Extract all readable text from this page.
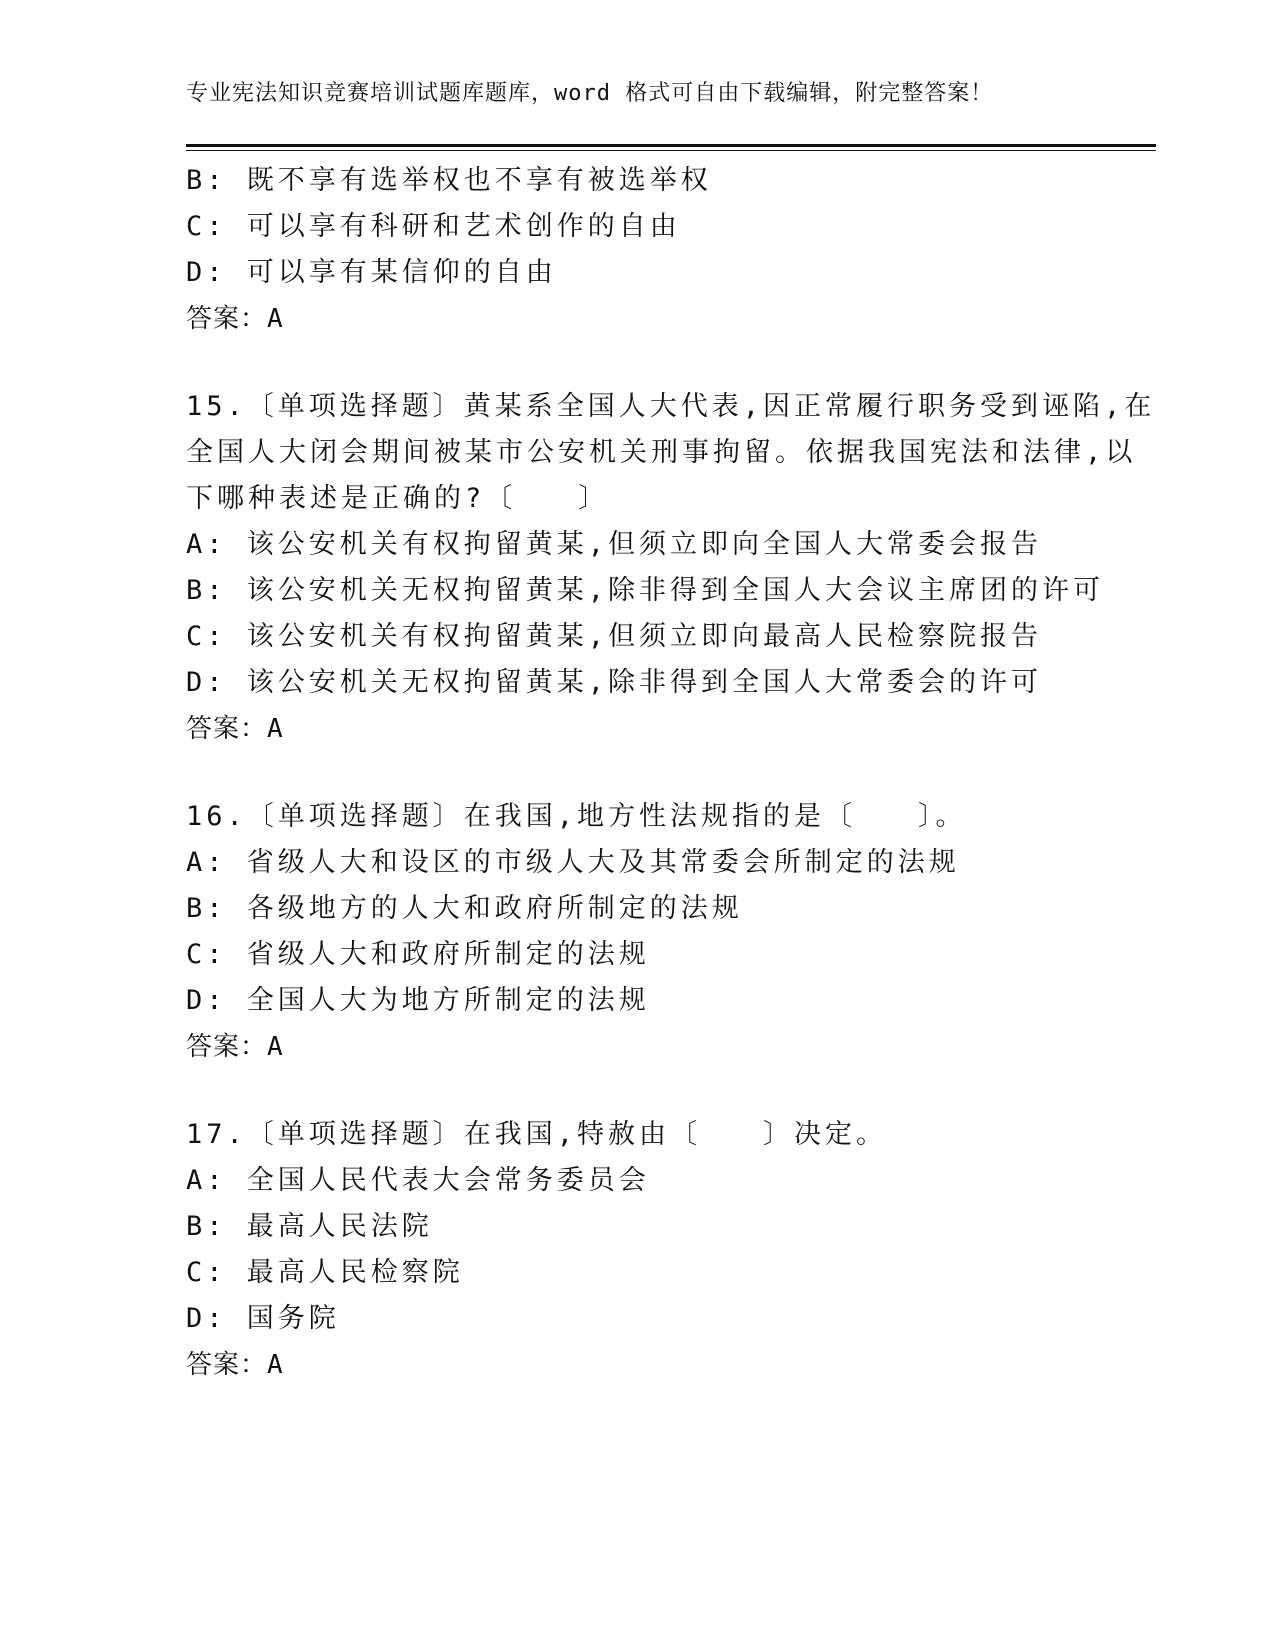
专业宪法知识竞赛培训试题库题库，word 格式可自由下载编辑，附完整答案！
B: 既不享有选举权也不享有被选举权
C: 可以享有科研和艺术创作的自由
D: 可以享有某信仰的自由
答案：A
15.〔单项选择题〕黄某系全国人大代表,因正常履行职务受到诬陷,在
全国人大闭会期间被某市公安机关刑事拘留。依据我国宪法和法律,以
下哪种表述是正确的?〔　　〕
A: 该公安机关有权拘留黄某,但须立即向全国人大常委会报告
B: 该公安机关无权拘留黄某,除非得到全国人大会议主席团的许可
C: 该公安机关有权拘留黄某,但须立即向最高人民检察院报告
D: 该公安机关无权拘留黄某,除非得到全国人大常委会的许可
答案：A
16.〔单项选择题〕在我国,地方性法规指的是〔　　〕。
A: 省级人大和设区的市级人大及其常委会所制定的法规
B: 各级地方的人大和政府所制定的法规
C: 省级人大和政府所制定的法规
D: 全国人大为地方所制定的法规
答案：A
17.〔单项选择题〕在我国,特赦由〔　　〕决定。
A: 全国人民代表大会常务委员会
B: 最高人民法院
C: 最高人民检察院
D: 国务院
答案：A
